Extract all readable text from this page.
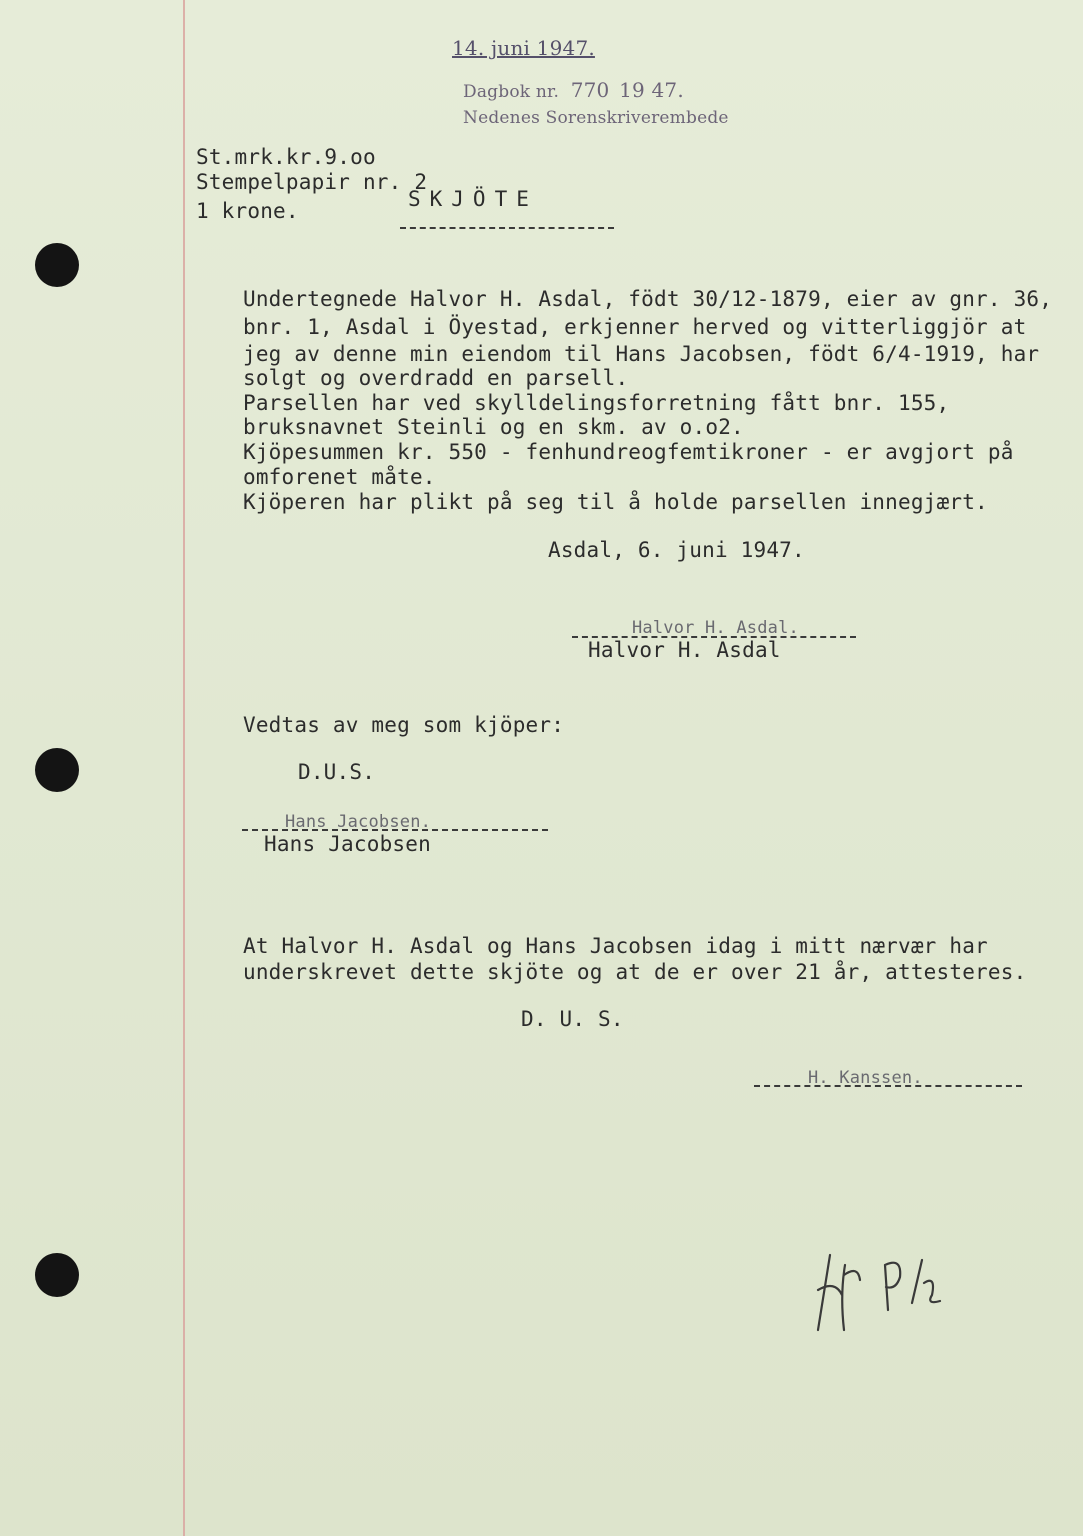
14. juni 1947.
Dagbok nr. 770 19 47.
Nedenes Sorenskriverembede
St.mrk.kr.9.oo
Stempelpapir nr. 2
1 krone.	SKJÖTE
Undertegnede Halvor H. Asdal, födt 30/12-1879, eier av gnr. 36,
bnr. 1, Asdal i Öyestad, erkjenner herved og vitterliggjör at
jeg av denne min eiendom til Hans Jacobsen, födt 6/4-1919, har
solgt og overdradd en parsell.
Parsellen har ved skylldelingsforretning fått bnr. 155,
bruksnavnet Steinli og en skm. av o.o2.
Kjöpesummen kr. 550 - fenhundreogfemtikroner - er avgjort på
omforenet måte.
Kjöperen har plikt på seg til å holde parsellen innegjært.
Asdal, 6. juni 1947.
Halvor H. Asdal.
Halvor H. Asdal
Vedtas av meg som kjöper:
D.U.S.
Hans Jacobsen.
Hans Jacobsen
At Halvor H. Asdal og Hans Jacobsen idag i mitt nærvær har
underskrevet dette skjöte og at de er over 21 år, attesteres.
D. U. S.
H. Kanssen.
